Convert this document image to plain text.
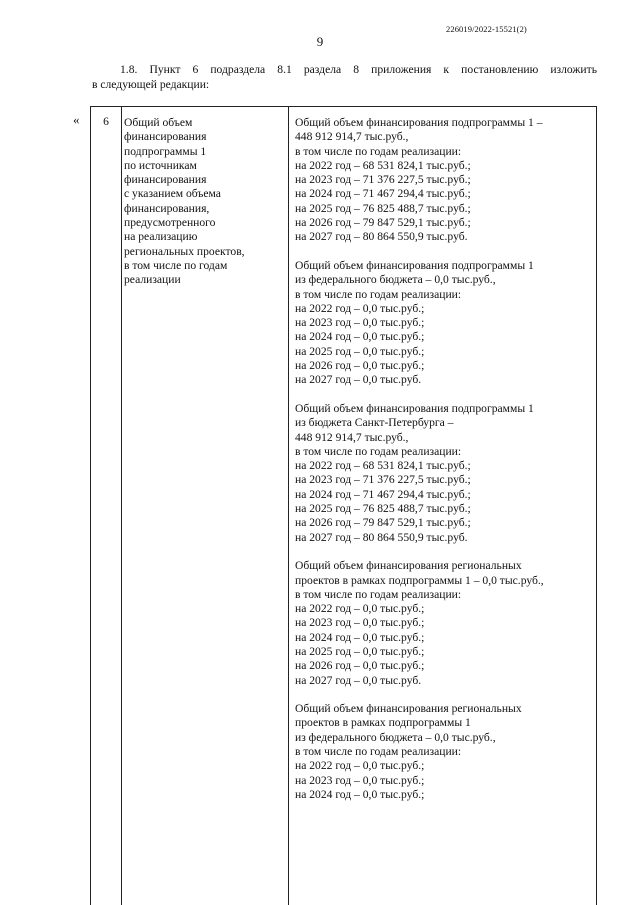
226019/2022-15521(2)
9
1.8. Пункт 6 подраздела 8.1 раздела 8 приложения к постановлению изложить
в следующей редакции:
«	6	Общий объем
финансирования
подпрограммы 1
по источникам
финансирования
с указанием объема
финансирования,
предусмотренного
на реализацию
региональных проектов,
в том числе по годам
реализации
Общий объем финансирования подпрограммы 1 –
448 912 914,7 тыс.руб.,
в том числе по годам реализации:
на 2022 год – 68 531 824,1 тыс.руб.;
на 2023 год – 71 376 227,5 тыс.руб.;
на 2024 год – 71 467 294,4 тыс.руб.;
на 2025 год – 76 825 488,7 тыс.руб.;
на 2026 год – 79 847 529,1 тыс.руб.;
на 2027 год – 80 864 550,9 тыс.руб.
Общий объем финансирования подпрограммы 1
из федерального бюджета – 0,0 тыс.руб.,
в том числе по годам реализации:
на 2022 год – 0,0 тыс.руб.;
на 2023 год – 0,0 тыс.руб.;
на 2024 год – 0,0 тыс.руб.;
на 2025 год – 0,0 тыс.руб.;
на 2026 год – 0,0 тыс.руб.;
на 2027 год – 0,0 тыс.руб.
Общий объем финансирования подпрограммы 1
из бюджета Санкт-Петербурга –
448 912 914,7 тыс.руб.,
в том числе по годам реализации:
на 2022 год – 68 531 824,1 тыс.руб.;
на 2023 год – 71 376 227,5 тыс.руб.;
на 2024 год – 71 467 294,4 тыс.руб.;
на 2025 год – 76 825 488,7 тыс.руб.;
на 2026 год – 79 847 529,1 тыс.руб.;
на 2027 год – 80 864 550,9 тыс.руб.
Общий объем финансирования региональных
проектов в рамках подпрограммы 1 – 0,0 тыс.руб.,
в том числе по годам реализации:
на 2022 год – 0,0 тыс.руб.;
на 2023 год – 0,0 тыс.руб.;
на 2024 год – 0,0 тыс.руб.;
на 2025 год – 0,0 тыс.руб.;
на 2026 год – 0,0 тыс.руб.;
на 2027 год – 0,0 тыс.руб.
Общий объем финансирования региональных
проектов в рамках подпрограммы 1
из федерального бюджета – 0,0 тыс.руб.,
в том числе по годам реализации:
на 2022 год – 0,0 тыс.руб.;
на 2023 год – 0,0 тыс.руб.;
на 2024 год – 0,0 тыс.руб.;
